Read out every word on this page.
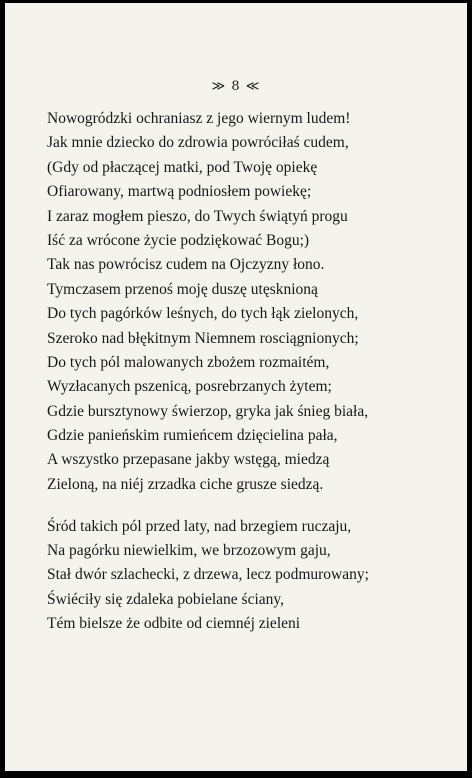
≫ 8 ≪
Nowogródzki ochraniasz z jego wiernym ludem!
Jak mnie dziecko do zdrowia powróciłaś cudem,
(Gdy od płaczącej matki, pod Twoję opiekę
Ofiarowany, martwą podniosłem powiekę;
I zaraz mogłem pieszo, do Twych świątyń progu
Iść za wrócone życie podziękować Bogu;)
Tak nas powrócisz cudem na Ojczyzny łono.
Tymczasem przenoś moję duszę utęsknioną
Do tych pagórków leśnych, do tych łąk zielonych,
Szeroko nad błękitnym Niemnem rosciągnionych;
Do tych pól malowanych zbożem rozmaitém,
Wyzłacanych pszenicą, posrebrzanych żytem;
Gdzie bursztynowy świerzop, gryka jak śnieg biała,
Gdzie panieńskim rumieńcem dzięcielina pała,
A wszystko przepasane jakby wstęgą, miedzą
Zieloną, na niéj zrzadka ciche grusze siedzą.
Śród takich pól przed laty, nad brzegiem ruczaju,
Na pagórku niewielkim, we brzozowym gaju,
Stał dwór szlachecki, z drzewa, lecz podmurowany;
Świéciły się zdaleka pobielane ściany,
Tém bielsze że odbite od ciemnéj zieleni
